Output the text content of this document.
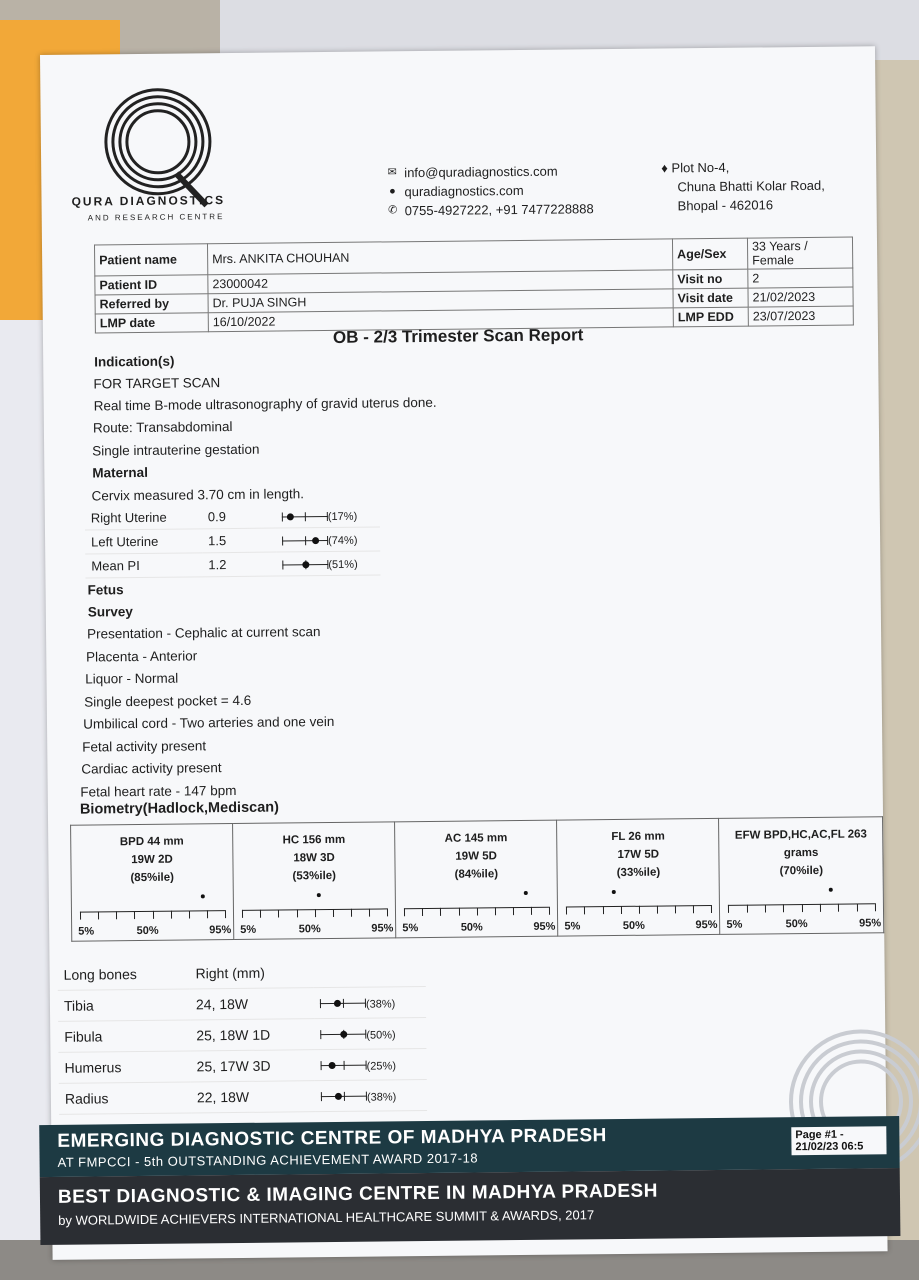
QURA DIAGNOSTICS
AND RESEARCH CENTRE
✉ info@quradiagnostics.com
● quradiagnostics.com
✆ 0755-4927222, +91 7477228888
♦ Plot No-4,
Chuna Bhatti Kolar Road,
Bhopal - 462016
Patient name	Mrs. ANKITA CHOUHAN	Age/Sex	33 Years / Female
Patient ID	23000042	Visit no	2
Referred by	Dr. PUJA SINGH	Visit date	21/02/2023
LMP date	16/10/2022	LMP EDD	23/07/2023
OB - 2/3 Trimester Scan Report
Indication(s)
FOR TARGET SCAN
Real time B-mode ultrasonography of gravid uterus done.
Route: Transabdominal
Single intrauterine gestation
Maternal
Cervix measured 3.70 cm in length.
Right Uterine	0.9	(17%)
Left Uterine	1.5	(74%)
Mean PI	1.2	(51%)
Fetus
Survey
Presentation - Cephalic at current scan
Placenta - Anterior
Liquor - Normal
Single deepest pocket = 4.6
Umbilical cord - Two arteries and one vein
Fetal activity present
Cardiac activity present
Fetal heart rate - 147 bpm
Biometry(Hadlock,Mediscan)
BPD 44 mm
19W 2D
(85%ile)
5%	50%	95%

HC 156 mm
18W 3D
(53%ile)
5%	50%	95%

AC 145 mm
19W 5D
(84%ile)
5%	50%	95%

FL 26 mm
17W 5D
(33%ile)
5%	50%	95%

EFW BPD,HC,AC,FL 263
grams
(70%ile)
5%	50%	95%
Long bones	Right (mm)	
Tibia	24, 18W	(38%)
Fibula	25, 18W 1D	(50%)
Humerus	25, 17W 3D	(25%)
Radius	22, 18W	(38%)
EMERGING DIAGNOSTIC CENTRE OF MADHYA PRADESH
AT FMPCCI - 5th OUTSTANDING ACHIEVEMENT AWARD 2017-18
BEST DIAGNOSTIC & IMAGING CENTRE IN MADHYA PRADESH
by WORLDWIDE ACHIEVERS INTERNATIONAL HEALTHCARE SUMMIT & AWARDS, 2017
Page #1 - 21/02/23 06:5
